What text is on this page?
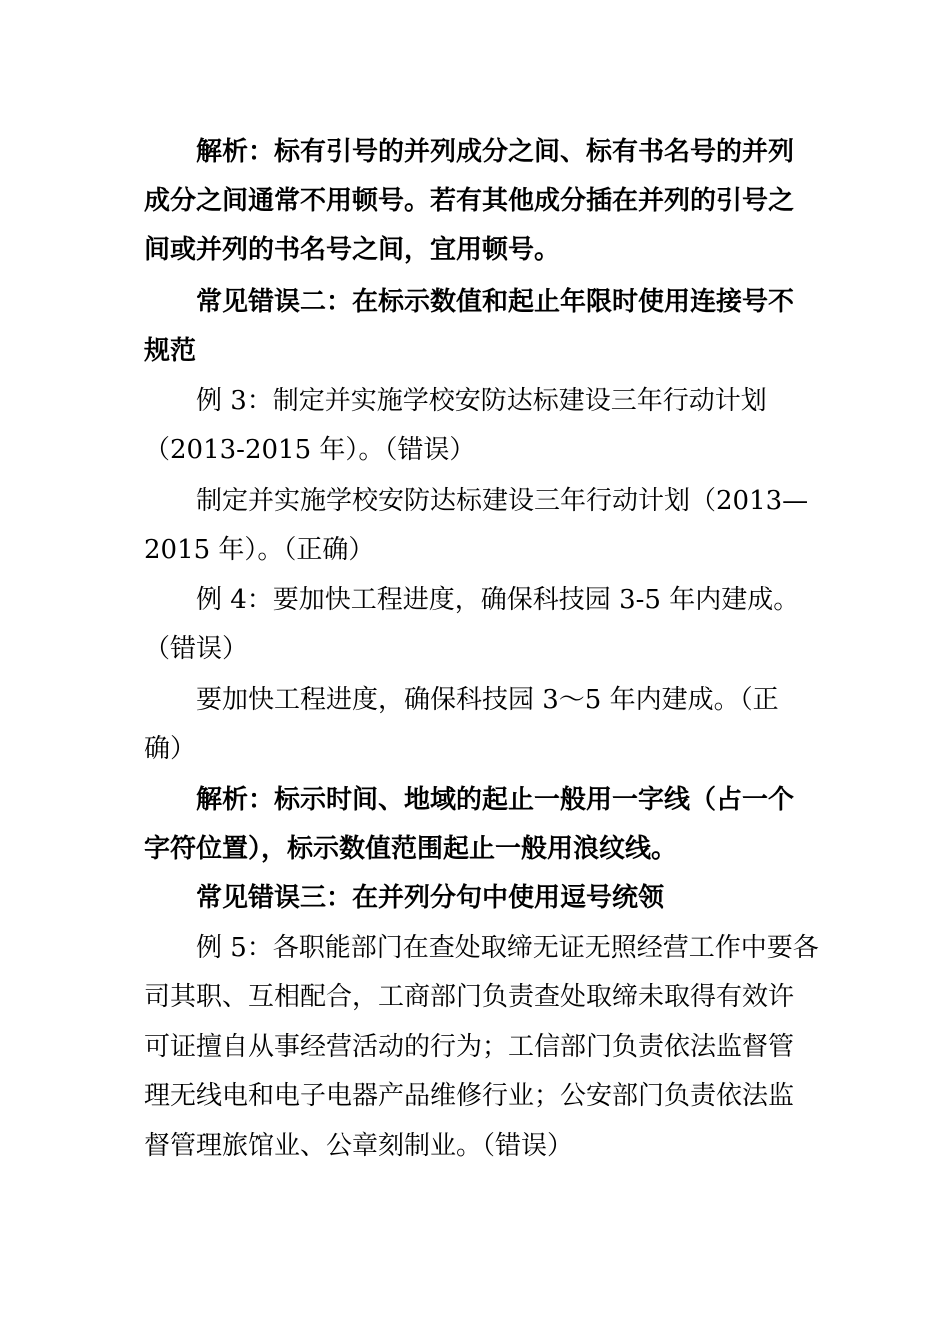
解析：标有引号的并列成分之间、标有书名号的并列
成分之间通常不用顿号。若有其他成分插在并列的引号之
间或并列的书名号之间，宜用顿号。
常见错误二：在标示数值和起止年限时使用连接号不
规范
例 3：制定并实施学校安防达标建设三年行动计划
（2013-2015 年）。（错误）
制定并实施学校安防达标建设三年行动计划（2013—
2015 年）。（正确）
例 4：要加快工程进度，确保科技园 3-5 年内建成。
（错误）
要加快工程进度，确保科技园 3～5 年内建成。（正
确）
解析：标示时间、地域的起止一般用一字线（占一个
字符位置），标示数值范围起止一般用浪纹线。
常见错误三：在并列分句中使用逗号统领
例 5：各职能部门在查处取缔无证无照经营工作中要各
司其职、互相配合，工商部门负责查处取缔未取得有效许
可证擅自从事经营活动的行为；工信部门负责依法监督管
理无线电和电子电器产品维修行业；公安部门负责依法监
督管理旅馆业、公章刻制业。（错误）
